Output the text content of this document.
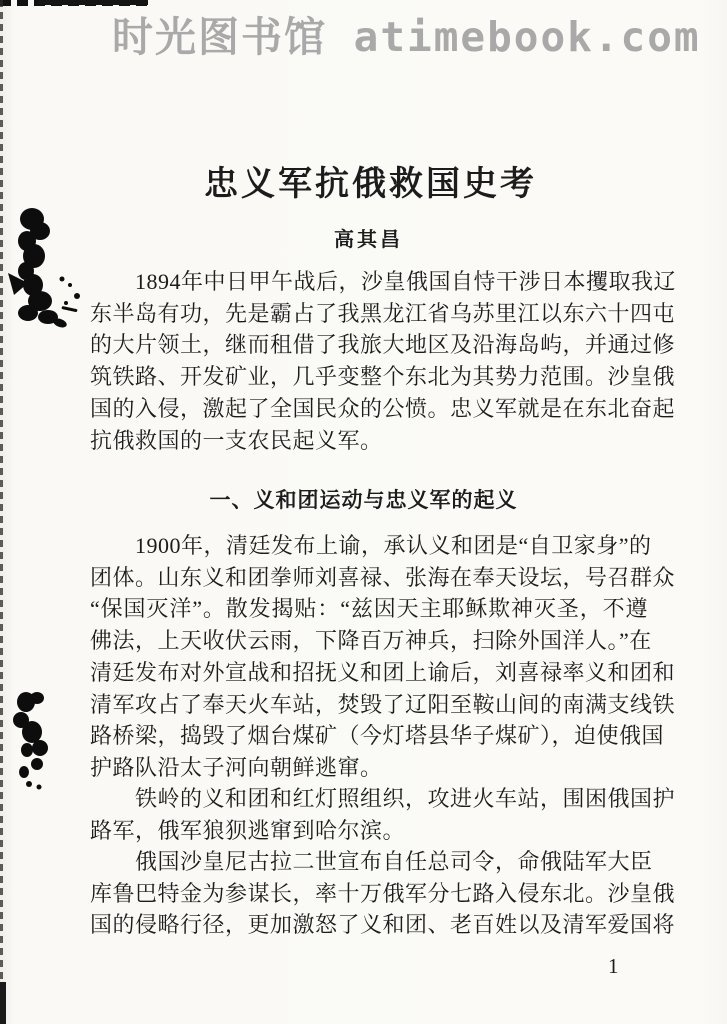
时光图书馆 atimebook.com
忠义军抗俄救国史考
高其昌
1894年中日甲午战后，沙皇俄国自恃干涉日本攫取我辽
东半岛有功，先是霸占了我黑龙江省乌苏里江以东六十四屯
的大片领土，继而租借了我旅大地区及沿海岛屿，并通过修
筑铁路、开发矿业，几乎变整个东北为其势力范围。沙皇俄
国的入侵，激起了全国民众的公愤。忠义军就是在东北奋起
抗俄救国的一支农民起义军。
一、义和团运动与忠义军的起义
1900年，清廷发布上谕，承认义和团是“自卫家身”的
团体。山东义和团拳师刘喜禄、张海在奉天设坛，号召群众
“保国灭洋”。散发揭贴：“兹因天主耶稣欺神灭圣，不遵
佛法，上天收伏云雨，下降百万神兵，扫除外国洋人。”在
清廷发布对外宣战和招抚义和团上谕后，刘喜禄率义和团和
清军攻占了奉天火车站，焚毁了辽阳至鞍山间的南满支线铁
路桥梁，捣毁了烟台煤矿（今灯塔县华子煤矿），迫使俄国
护路队沿太子河向朝鲜逃窜。
铁岭的义和团和红灯照组织，攻进火车站，围困俄国护
路军，俄军狼狈逃窜到哈尔滨。
俄国沙皇尼古拉二世宣布自任总司令，命俄陆军大臣
库鲁巴特金为参谋长，率十万俄军分七路入侵东北。沙皇俄
国的侵略行径，更加激怒了义和团、老百姓以及清军爱国将
1
